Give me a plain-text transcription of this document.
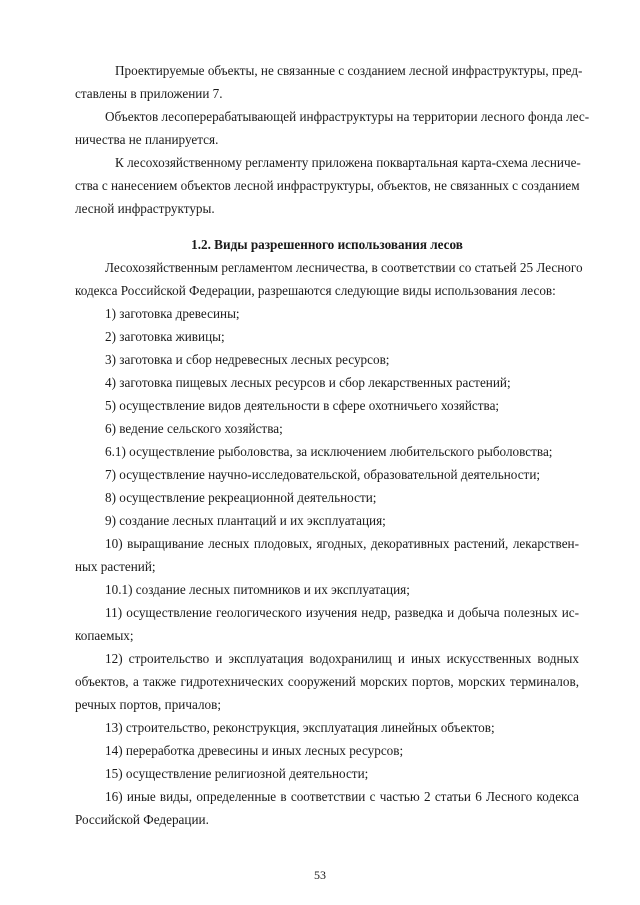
Проектируемые объекты, не связанные с созданием лесной инфраструктуры, пред-
ставлены в приложении 7.
Объектов лесоперерабатывающей инфраструктуры на территории лесного фонда лес-
ничества не планируется.
К лесохозяйственному регламенту приложена поквартальная карта-схема лесниче-
ства с нанесением объектов лесной инфраструктуры, объектов, не связанных с созданием
лесной инфраструктуры.
1.2. Виды разрешенного использования лесов
Лесохозяйственным регламентом лесничества, в соответствии со статьей 25 Лесного
кодекса Российской Федерации, разрешаются следующие виды использования лесов:
1) заготовка древесины;
2) заготовка живицы;
3) заготовка и сбор недревесных лесных ресурсов;
4) заготовка пищевых лесных ресурсов и сбор лекарственных растений;
5) осуществление видов деятельности в сфере охотничьего хозяйства;
6) ведение сельского хозяйства;
6.1) осуществление рыболовства, за исключением любительского рыболовства;
7) осуществление научно-исследовательской, образовательной деятельности;
8) осуществление рекреационной деятельности;
9) создание лесных плантаций и их эксплуатация;
10) выращивание лесных плодовых, ягодных, декоративных растений, лекарствен-
ных растений;
10.1) создание лесных питомников и их эксплуатация;
11) осуществление геологического изучения недр, разведка и добыча полезных ис-
копаемых;
12) строительство и эксплуатация водохранилищ и иных искусственных водных
объектов, а также гидротехнических сооружений морских портов, морских терминалов,
речных портов, причалов;
13) строительство, реконструкция, эксплуатация линейных объектов;
14) переработка древесины и иных лесных ресурсов;
15) осуществление религиозной деятельности;
16) иные виды, определенные в соответствии с частью 2 статьи 6 Лесного кодекса
Российской Федерации.
53
